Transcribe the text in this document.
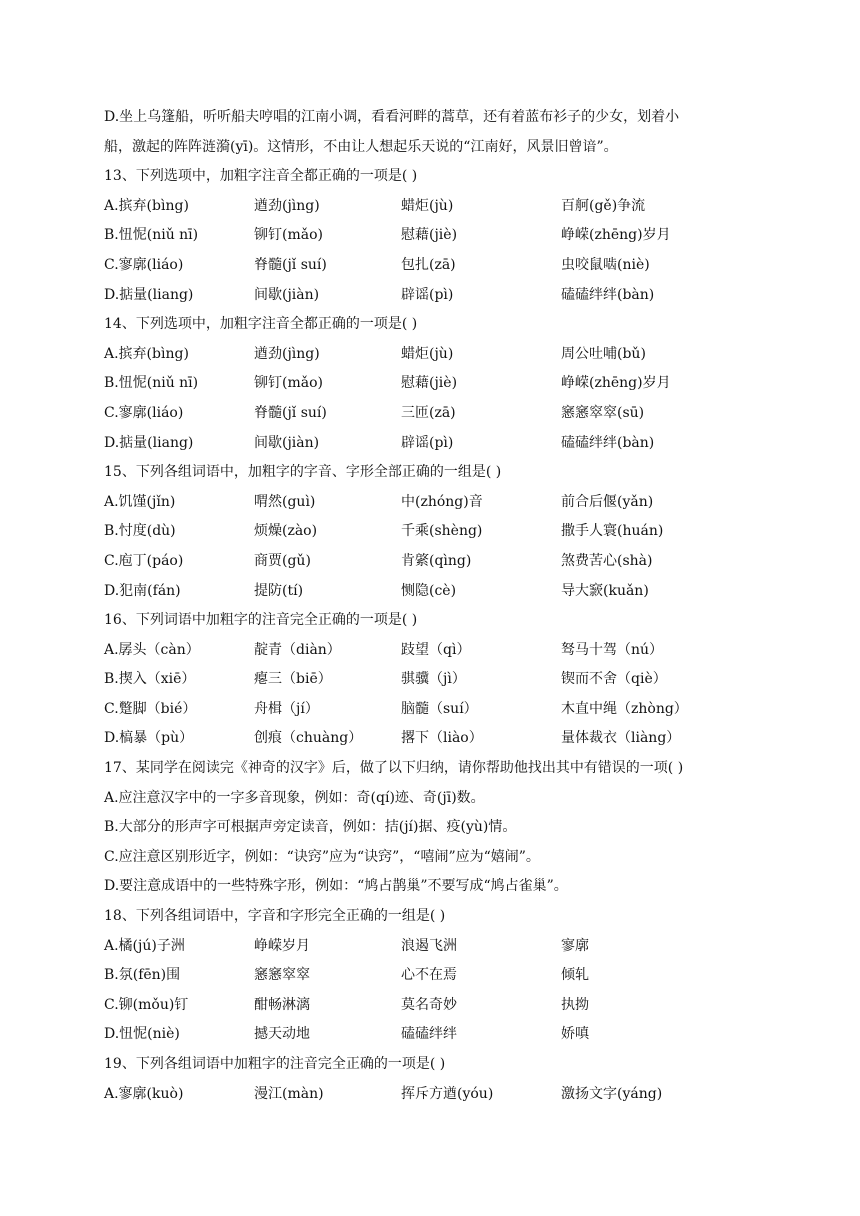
D.坐上乌篷船，听听船夫哼唱的江南小调，看看河畔的蒿草，还有着蓝布衫子的少女，划着小
船，激起的阵阵涟漪(yī)。这情形，不由让人想起乐天说的“江南好，风景旧曾谙”。
13、下列选项中，加粗字注音全都正确的一项是( )
A.摈弃(bìng)	遒劲(jìng)	蜡炬(jù)	百舸(gě)争流
B.忸怩(niǔ nī)	铆钉(mǎo)	慰藉(jiè)	峥嵘(zhēng)岁月
C.寥廓(liáo)	脊髓(jǐ suí)	包扎(zā)	虫咬鼠啮(niè)
D.掂量(liang)	间歇(jiàn)	辟谣(pì)	磕磕绊绊(bàn)
14、下列选项中，加粗字注音全都正确的一项是( )
A.摈弃(bìng)	遒劲(jìng)	蜡炬(jù)	周公吐哺(bǔ)
B.忸怩(niǔ nī)	铆钉(mǎo)	慰藉(jiè)	峥嵘(zhēng)岁月
C.寥廓(liáo)	脊髓(jǐ suí)	三匝(zā)	窸窸窣窣(sū)
D.掂量(liang)	间歇(jiàn)	辟谣(pì)	磕磕绊绊(bàn)
15、下列各组词语中，加粗字的字音、字形全部正确的一组是( )
A.饥馑(jǐn)	喟然(guì)	中(zhóng)音	前合后偃(yǎn)
B.忖度(dù)	烦燥(zào)	千乘(shèng)	撒手人寰(huán)
C.庖丁(páo)	商贾(gǔ)	肯綮(qìng)	煞费苦心(shà)
D.犯南(fán)	提防(tí)	恻隐(cè)	导大窾(kuǎn)
16、下列词语中加粗字的注音完全正确的一项是( )
A.孱头（càn）	靛青（diàn）	跂望（qì）	驽马十驾（nú）
B.揳入（xiē）	瘪三（biē）	骐骥（jì）	锲而不舍（qiè）
C.蹩脚（bié）	舟楫（jí）	脑髓（suí）	木直中绳（zhòng）
D.槁暴（pù）	创痕（chuàng）	撂下（liào）	量体裁衣（liàng）
17、某同学在阅读完《神奇的汉字》后，做了以下归纳，请你帮助他找出其中有错误的一项( )
A.应注意汉字中的一字多音现象，例如：奇(qí)迹、奇(jī)数。
B.大部分的形声字可根据声旁定读音，例如：拮(jí)据、疫(yù)情。
C.应注意区别形近字，例如：“诀窍”应为“诀窍”，“嘻闹”应为“嬉闹”。
D.要注意成语中的一些特殊字形，例如：“鸠占鹊巢”不要写成“鸠占雀巢”。
18、下列各组词语中，字音和字形完全正确的一组是( )
A.橘(jú)子洲	峥嵘岁月	浪遏飞洲	寥廓
B.氛(fēn)围	窸窸窣窣	心不在焉	倾轧
C.铆(mǒu)钉	酣畅淋漓	莫名奇妙	执拗
D.忸怩(niè)	撼天动地	磕磕绊绊	娇嗔
19、下列各组词语中加粗字的注音完全正确的一项是( )
A.寥廓(kuò)	漫江(màn)	挥斥方遒(yóu)	激扬文字(yáng)
